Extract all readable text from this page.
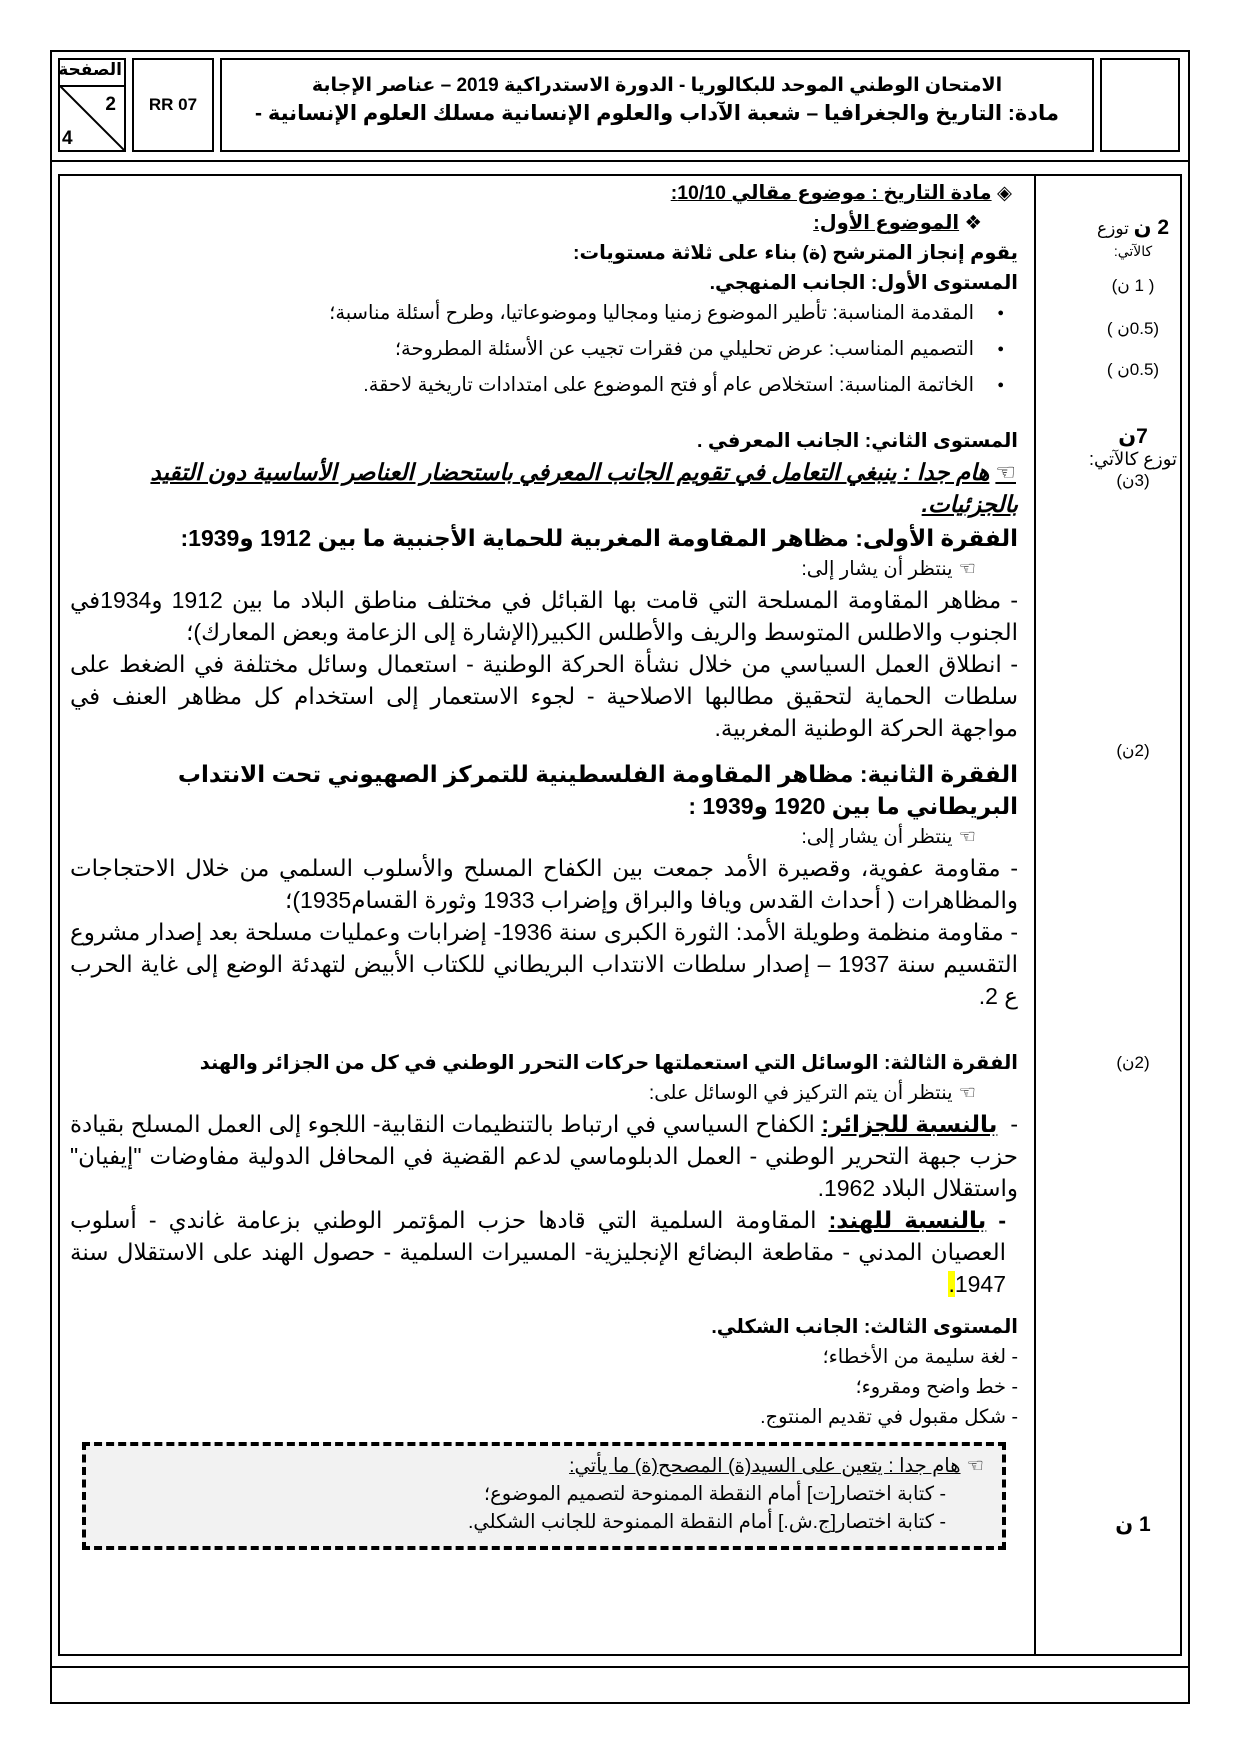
الصفحة
2
4
RR 07
الامتحان الوطني الموحد للبكالوريا - الدورة الاستدراكية 2019 – عناصر الإجابة
- مادة: التاريخ والجغرافيا – شعبة الآداب والعلوم الإنسانية مسلك العلوم الإنسانية
2 ن توزع
كالآتي:
( 1 ن)
(0.5ن )
(0.5ن )
7ن
توزع كالآتي:
(3ن)
(2ن)
(2ن)
1 ن

◈ مادة التاريخ : موضوع مقالي 10/10:

❖ الموضوع الأول:

يقوم إنجاز المترشح (ة) بناء على ثلاثة مستويات:

المستوى الأول: الجانب المنهجي.

● المقدمة المناسبة: تأطير الموضوع زمنيا ومجاليا وموضوعاتيا، وطرح أسئلة مناسبة؛
● التصميم المناسب: عرض تحليلي من فقرات تجيب عن الأسئلة المطروحة؛
● الخاتمة المناسبة: استخلاص عام أو فتح الموضوع على امتدادات تاريخية لاحقة.

المستوى الثاني: الجانب المعرفي .

☜هام جدا : ينبغي التعامل في تقويم الجانب المعرفي باستحضار العناصر الأساسية دون التقيد بالجزئيات.

الفقرة الأولى: مظاهر المقاومة المغربية للحماية الأجنبية ما بين 1912 و1939:

☜ينتظر أن يشار إلى:

- مظاهر المقاومة المسلحة التي قامت بها القبائل في مختلف مناطق البلاد ما بين 1912 و1934في الجنوب والاطلس المتوسط والريف والأطلس الكبير(الإشارة إلى الزعامة وبعض المعارك)؛

- انطلاق العمل السياسي من خلال نشأة الحركة الوطنية - استعمال وسائل مختلفة في الضغط على سلطات الحماية لتحقيق مطالبها الاصلاحية - لجوء الاستعمار إلى استخدام كل مظاهر العنف في مواجهة الحركة الوطنية المغربية.

الفقرة الثانية: مظاهر المقاومة الفلسطينية للتمركز الصهيوني تحت الانتداب البريطاني ما بين 1920 و1939 :

☜ينتظر أن يشار إلى:

- مقاومة عفوية، وقصيرة الأمد جمعت بين الكفاح المسلح والأسلوب السلمي من خلال الاحتجاجات والمظاهرات ( أحداث القدس ويافا والبراق وإضراب 1933 وثورة القسام1935)؛

- مقاومة منظمة وطويلة الأمد: الثورة الكبرى سنة 1936- إضرابات وعمليات مسلحة بعد إصدار مشروع التقسيم سنة 1937 – إصدار سلطات الانتداب البريطاني للكتاب الأبيض لتهدئة الوضع إلى غاية الحرب ع 2.

الفقرة الثالثة: الوسائل التي استعملتها حركات التحرر الوطني في كل من الجزائر والهند

☜ينتظر أن يتم التركيز في الوسائل على:

-  بالنسبة للجزائر: الكفاح السياسي في ارتباط بالتنظيمات النقابية- اللجوء إلى العمل المسلح بقيادة حزب جبهة التحرير الوطني - العمل الدبلوماسي لدعم القضية في المحافل الدولية مفاوضات "إيفيان" واستقلال البلاد 1962.

- بالنسبة للهند: المقاومة السلمية التي قادها حزب المؤتمر الوطني بزعامة غاندي - أسلوب العصيان المدني - مقاطعة البضائع الإنجليزية- المسيرات السلمية - حصول الهند على الاستقلال سنة 1947.

المستوى الثالث: الجانب الشكلي.

- لغة سليمة من الأخطاء؛

- خط واضح ومقروء؛

- شكل مقبول في تقديم المنتوج.

☜هام جدا : يتعين على السيد(ة) المصحح(ة) ما يأتي:

- كتابة اختصار[ت] أمام النقطة الممنوحة لتصميم الموضوع؛

- كتابة اختصار[ج.ش.] أمام النقطة الممنوحة للجانب الشكلي.
